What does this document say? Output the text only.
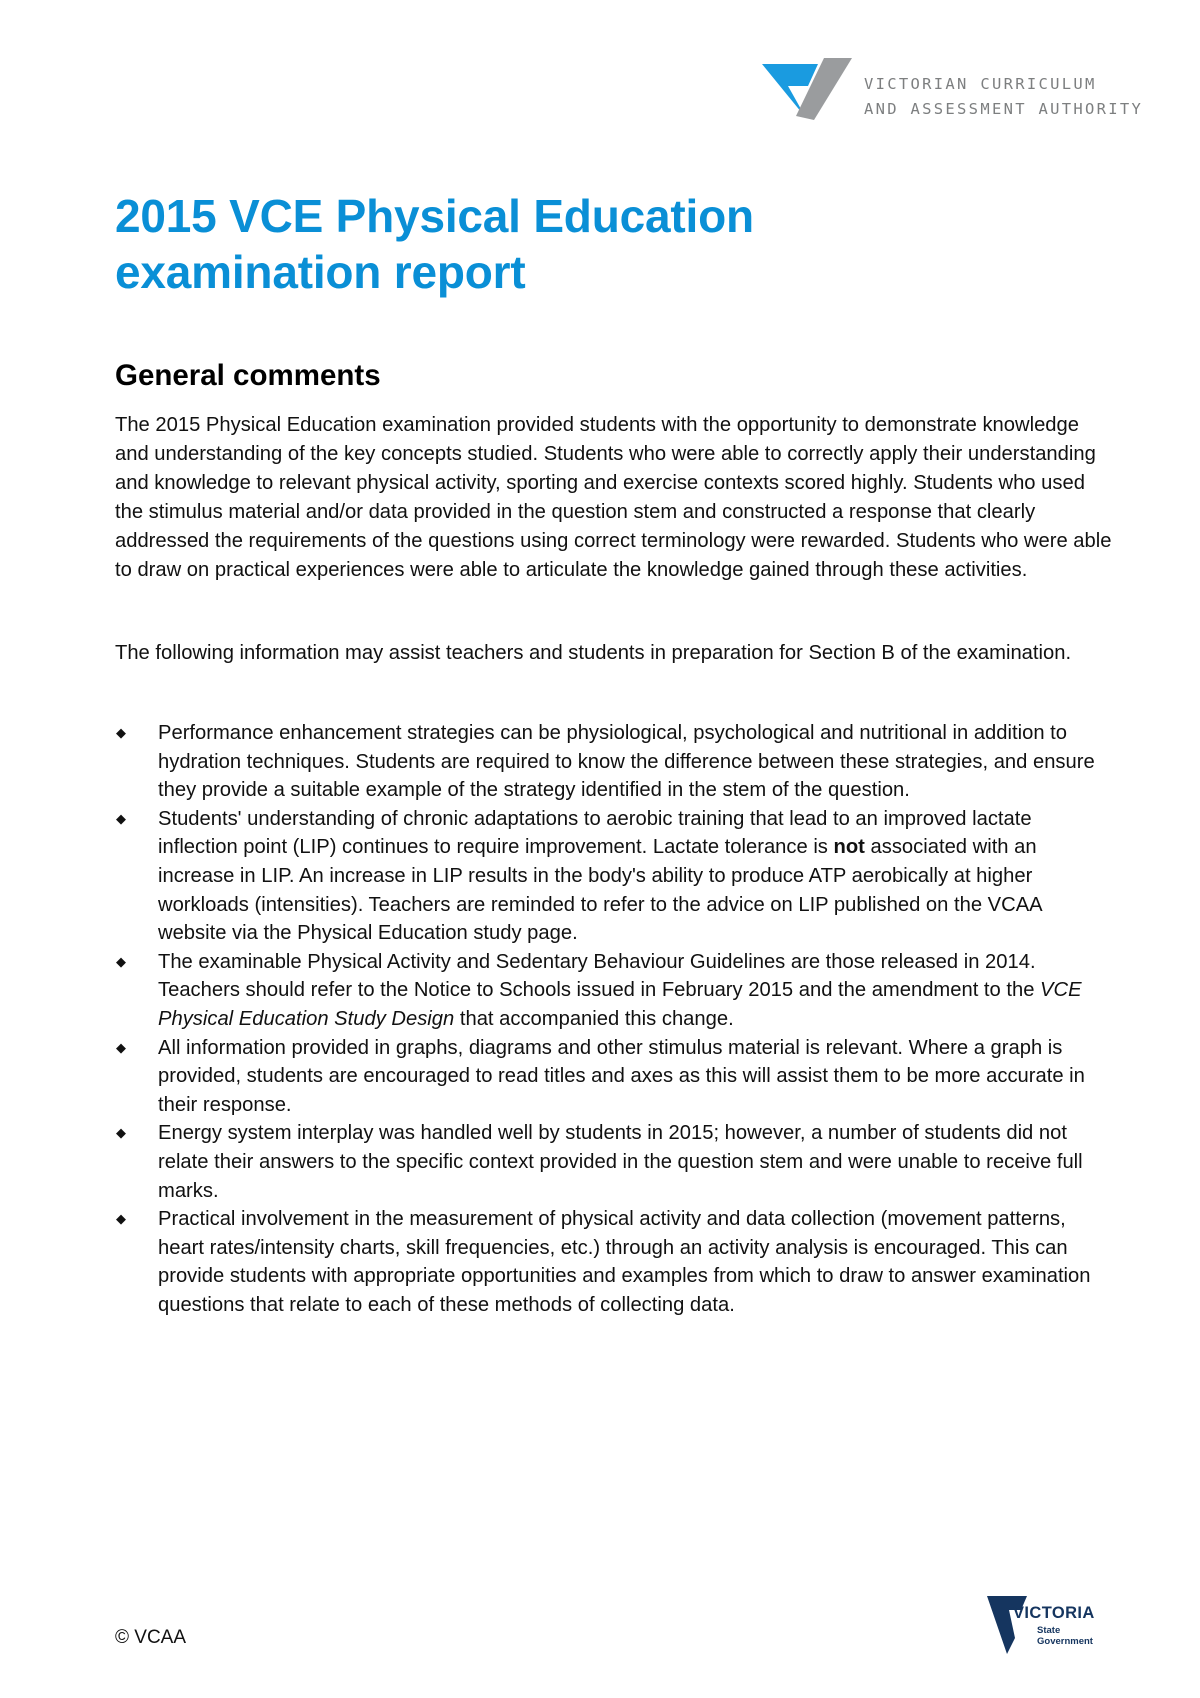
VICTORIAN CURRICULUM
AND ASSESSMENT AUTHORITY
2015 VCE Physical Education
examination report
General comments

The 2015 Physical Education examination provided students with the opportunity to demonstrate knowledge and understanding of the key concepts studied. Students who were able to correctly apply their understanding and knowledge to relevant physical activity, sporting and exercise contexts scored highly. Students who used the stimulus material and/or data provided in the question stem and constructed a response that clearly addressed the requirements of the questions using correct terminology were rewarded. Students who were able to draw on practical experiences were able to articulate the knowledge gained through these activities.

The following information may assist teachers and students in preparation for Section B of the examination.

◆ Performance enhancement strategies can be physiological, psychological and nutritional in addition to hydration techniques. Students are required to know the difference between these strategies, and ensure they provide a suitable example of the strategy identified in the stem of the question.
◆ Students' understanding of chronic adaptations to aerobic training that lead to an improved lactate inflection point (LIP) continues to require improvement. Lactate tolerance is not associated with an increase in LIP. An increase in LIP results in the body's ability to produce ATP aerobically at higher workloads (intensities). Teachers are reminded to refer to the advice on LIP published on the VCAA website via the Physical Education study page.
◆ The examinable Physical Activity and Sedentary Behaviour Guidelines are those released in 2014. Teachers should refer to the Notice to Schools issued in February 2015 and the amendment to the VCE Physical Education Study Design that accompanied this change.
◆ All information provided in graphs, diagrams and other stimulus material is relevant. Where a graph is provided, students are encouraged to read titles and axes as this will assist them to be more accurate in their response.
◆ Energy system interplay was handled well by students in 2015; however, a number of students did not relate their answers to the specific context provided in the question stem and were unable to receive full marks.
◆ Practical involvement in the measurement of physical activity and data collection (movement patterns, heart rates/intensity charts, skill frequencies, etc.) through an activity analysis is encouraged. This can provide students with appropriate opportunities and examples from which to draw to answer examination questions that relate to each of these methods of collecting data.
© VCAA
VICTORIA
State
Government
